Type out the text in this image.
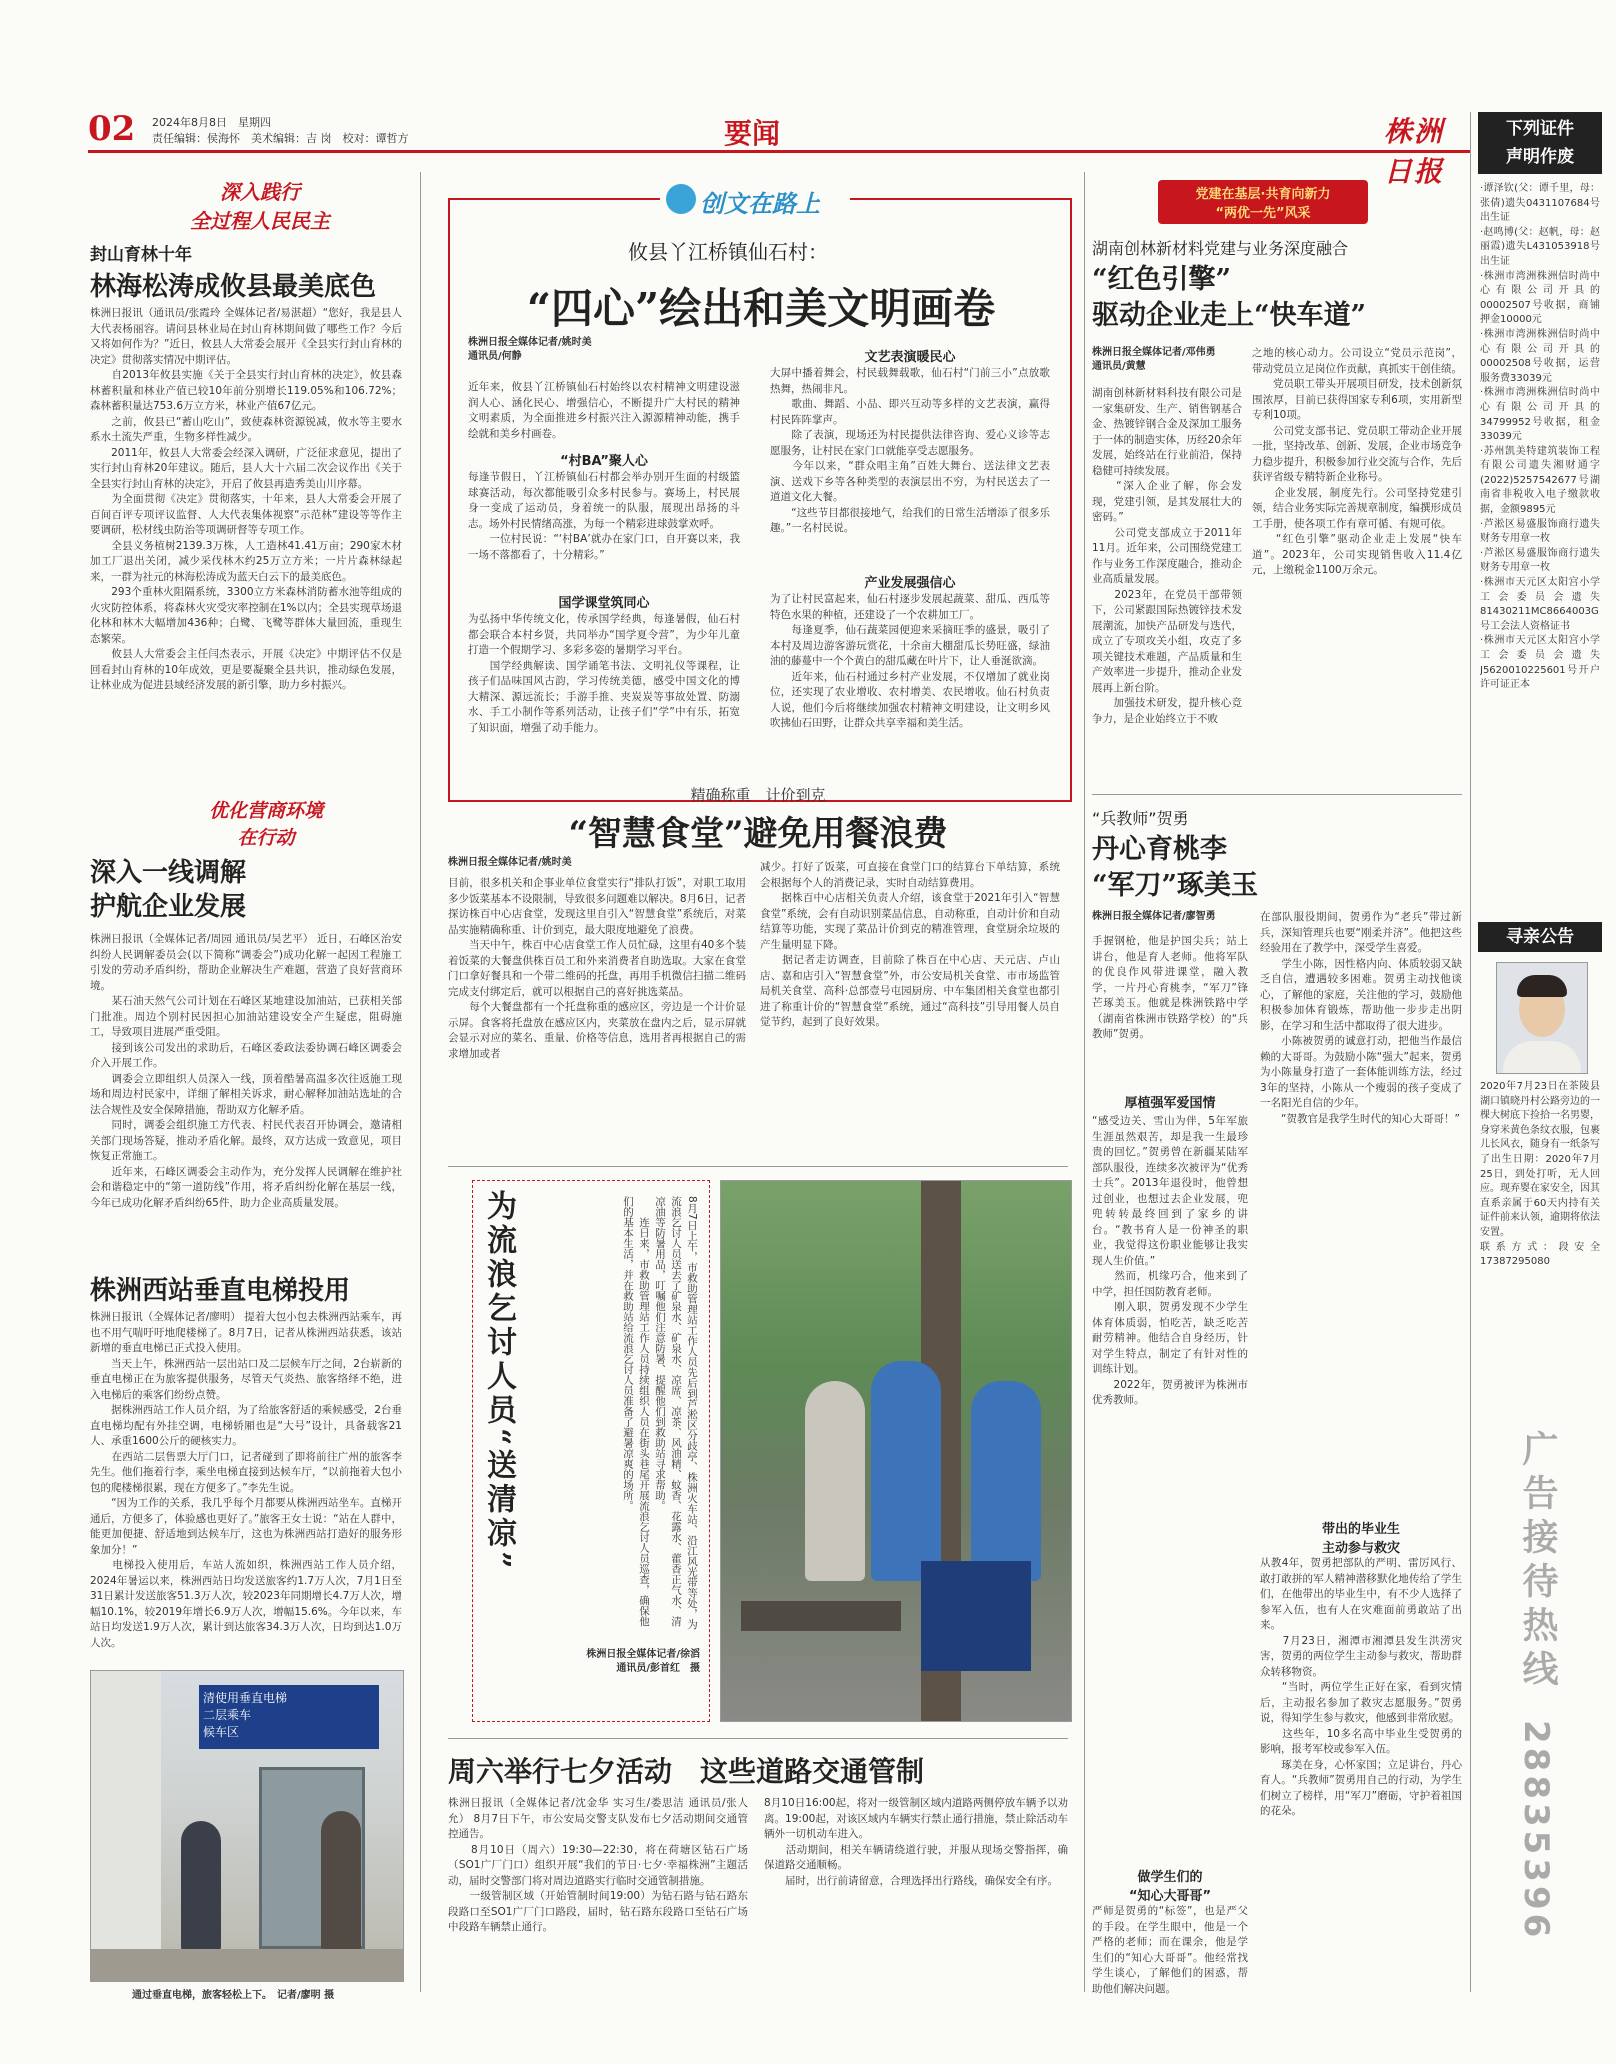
02 2024年8月8日　星期四
责任编辑：侯海怀　美术编辑：吉 岗　校对：谭哲方	要闻	株洲日报
深入践行
全过程人民民主
封山育林十年
林海松涛成攸县最美底色
株洲日报讯（通讯员/张霞玲 全媒体记者/易湛超）“您好，我是县人大代表杨丽容。请问县林业局在封山育林期间做了哪些工作？今后又将如何作为？”近日，攸县人大常委会展开《全县实行封山育林的决定》贯彻落实情况中期评估。
　　自2013年攸县实施《关于全县实行封山育林的决定》，攸县森林蓄积量和林业产值已较10年前分别增长119.05%和106.72%；森林蓄积量达753.6万立方米，林业产值67亿元。
　　之前，攸县已“蓄山吃山”，致使森林资源锐减，攸水等主要水系水土流失严重，生物多样性减少。
　　2011年，攸县人大常委会经深入调研，广泛征求意见，提出了实行封山育林20年建议。随后，县人大十六届二次会议作出《关于全县实行封山育林的决定》，开启了攸县再造秀美山川序幕。
　　为全面贯彻《决定》贯彻落实，十年来，县人大常委会开展了百间百评专项评议监督、人大代表集体视察“示范林”建设等等作主要调研，松材线虫防治等项调研督等专项工作。
　　全县义务植树2139.3万株，人工造林41.41万亩；290家木材加工厂退出关闭，减少采伐林木约25万立方米；一片片森林绿起来，一群为社元的林海松涛成为蓝天白云下的最美底色。
　　293个重林火阻隔系统，3300立方米森林消防蓄水池等组成的火灾防控体系，将森林火灾受灾率控制在1%以内；全县实现草场退化林和林木大幅增加436种；白鹭、飞鹭等群体大量回流，重现生态繁荣。
　　攸县人大常委会主任闫杰表示，开展《决定》中期评估不仅是回看封山育林的10年成效，更是要凝聚全县共识，推动绿色发展，让林业成为促进县域经济发展的新引擎，助力乡村振兴。
优化营商环境
在行动
深入一线调解
护航企业发展
株洲日报讯（全媒体记者/周园 通讯员/吴艺平） 近日，石峰区治安纠纷人民调解委员会(以下简称“调委会”)成功化解一起因工程施工引发的劳动矛盾纠纷，帮助企业解决生产难题，营造了良好营商环境。
　　某石油天然气公司计划在石峰区某地建设加油站，已获相关部门批准。周边个别村民因担心加油站建设安全产生疑虑，阻碍施工，导致项目进展严重受阻。
　　接到该公司发出的求助后，石峰区委政法委协调石峰区调委会介入开展工作。
　　调委会立即组织人员深入一线，顶着酷暑高温多次往返施工现场和周边村民家中，详细了解相关诉求，耐心解释加油站选址的合法合规性及安全保障措施，帮助双方化解矛盾。
　　同时，调委会组织施工方代表、村民代表召开协调会，邀请相关部门现场答疑，推动矛盾化解。最终，双方达成一致意见，项目恢复正常施工。
　　近年来，石峰区调委会主动作为，充分发挥人民调解在维护社会和谐稳定中的“第一道防线”作用，将矛盾纠纷化解在基层一线，今年已成功化解矛盾纠纷65件，助力企业高质量发展。
株洲西站垂直电梯投用
株洲日报讯（全媒体记者/廖明） 提着大包小包去株洲西站乘车，再也不用气喘吁吁地爬楼梯了。8月7日，记者从株洲西站获悉，该站新增的垂直电梯已正式投入使用。
　　当天上午，株洲西站一层出站口及二层候车厅之间，2台崭新的垂直电梯正在为旅客提供服务，尽管天气炎热、旅客络绎不绝，进入电梯后的乘客们纷纷点赞。
　　据株洲西站工作人员介绍，为了给旅客舒适的乘候感受，2台垂直电梯均配有外挂空调，电梯轿厢也是“大号”设计，具备载客21人、承重1600公斤的硬核实力。
　　在西站二层售票大厅门口，记者碰到了即将前往广州的旅客李先生。他们拖着行李，乘坐电梯直接到达候车厅，“以前拖着大包小包的爬楼梯很累，现在方便多了。”李先生说。
　　“因为工作的关系，我几乎每个月都要从株洲西站坐车。直梯开通后，方便多了，体验感也更好了。”旅客王女士说：“站在人群中，能更加便捷、舒适地到达候车厅，这也为株洲西站打造好的服务形象加分！”
　　电梯投入使用后，车站人流如织，株洲西站工作人员介绍，2024年暑运以来，株洲西站日均发送旅客约1.7万人次，7月1日至31日累计发送旅客51.3万人次，较2023年同期增长4.7万人次，增幅10.1%，较2019年增长6.9万人次，增幅15.6%。今年以来，车站日均发送1.9万人次，累计到达旅客34.3万人次，日均到达1.0万人次。
清使用垂直电梯
二层乘车
候车区
通过垂直电梯，旅客轻松上下。　记者/廖明 摄
创文在路上
攸县丫江桥镇仙石村：
“四心”绘出和美文明画卷
株洲日报全媒体记者/姚时美
通讯员/何静
近年来，攸县丫江桥镇仙石村始终以农村精神文明建设滋润人心、涵化民心、增强信心，不断提升广大村民的精神文明素质，为全面推进乡村振兴注入源源精神动能，携手绘就和美乡村画卷。
“村BA”聚人心
每逢节假日，丫江桥镇仙石村都会举办别开生面的村级篮球赛活动，每次都能吸引众多村民参与。赛场上，村民展身一变成了运动员，身着统一的队服，展现出昂扬的斗志。场外村民情绪高涨，为每一个精彩进球鼓掌欢呼。
　　一位村民说：“‘村BA’就办在家门口，自开赛以来，我一场不落都看了，十分精彩。”
国学课堂筑同心
为弘扬中华传统文化，传承国学经典，每逢暑假，仙石村都会联合本村乡贤，共同举办“国学夏令营”，为少年儿童打造一个假期学习、多彩多姿的暑期学习平台。
　　国学经典解读、国学诵笔书法、文明礼仪等课程，让孩子们品味国风古韵，学习传统美德，感受中国文化的博大精深、源远流长；手游手推、夹炭炭等事故处置、防溺水、手工小制作等系列活动，让孩子们“学”中有乐，拓宽了知识面，增强了动手能力。
文艺表演暖民心
大屏中播着舞会，村民载舞载歌，仙石村“门前三小”点放歌热舞，热闹非凡。
　　歌曲、舞蹈、小品、即兴互动等多样的文艺表演，赢得村民阵阵掌声。
　　除了表演，现场还为村民提供法律咨询、爱心义诊等志愿服务，让村民在家门口就能享受志愿服务。
　　今年以来，“群众唱主角”百姓大舞台、送法律文艺表演、送戏下乡等各种类型的表演层出不穷，为村民送去了一道道文化大餐。
　　“这些节目都很接地气，给我们的日常生活增添了很多乐趣。”一名村民说。
产业发展强信心
为了让村民富起来，仙石村逐步发展起蔬菜、甜瓜、西瓜等特色水果的种植，还建设了一个农耕加工厂。
　　每逢夏季，仙石蔬菜园便迎来采摘旺季的盛景，吸引了本村及周边游客游玩赏花，十余亩大棚甜瓜长势旺盛，绿油油的藤蔓中一个个黄白的甜瓜藏在叶片下，让人垂涎欲滴。
　　近年来，仙石村通过乡村产业发展，不仅增加了就业岗位，还实现了农业增收、农村增美、农民增收。仙石村负责人说，他们今后将继续加强农村精神文明建设，让文明乡风吹拂仙石田野，让群众共享幸福和美生活。
精确称重　计价到克
“智慧食堂”避免用餐浪费
株洲日报全媒体记者/姚时美
目前，很多机关和企事业单位食堂实行“排队打饭”，对职工取用多少饭菜基本不设限制，导致很多问题难以解决。8月6日，记者探访株百中心店食堂，发现这里自引入“智慧食堂”系统后，对菜品实施精确称重、计价到克，最大限度地避免了浪费。
　　当天中午，株百中心店食堂工作人员忙碌，这里有40多个装着饭菜的大餐盘供株百员工和外来消费者自助选取。大家在食堂门口拿好餐具和一个带二维码的托盘，再用手机微信扫描二维码完成支付绑定后，就可以根据自己的喜好挑选菜品。
　　每个大餐盘都有一个托盘称重的感应区，旁边是一个计价显示屏。食客将托盘放在感应区内，夹菜放在盘内之后，显示屏就会显示对应的菜名、重量、价格等信息，选用者再根据自己的需求增加或者
减少。打好了饭菜，可直接在食堂门口的结算台下单结算，系统会根据每个人的消费记录，实时自动结算费用。
　　据株百中心店相关负责人介绍，该食堂于2021年引入“智慧食堂”系统，会有自动识别菜品信息，自动称重，自动计价和自动结算等功能，实现了菜品计价到克的精准管理，食堂厨余垃圾的产生量明显下降。
　　据记者走访调查，目前除了株百在中心店、天元店、卢山店、嘉和店引入“智慧食堂”外，市公安局机关食堂、市市场监管局机关食堂、高科·总部壹号屯园厨房、中车集团相关食堂也都引进了称重计价的“智慧食堂”系统，通过“高科技”引导用餐人员自觉节约，起到了良好效果。
为流浪乞讨人员“送清凉”	8月7日上午，市救助管理站工作人员先后到芦淞区分歧亭、株洲火车站、沿江风光带等处，为流浪乞讨人员送去了矿泉水、矿泉水、凉席、凉茶、风油精、蚊香、花露水、藿香正气水、清凉油等防暑用品，叮嘱他们注意防暑、提醒他们到救助站寻求帮助。
　　连日来，市救助管理站工作人员持续组织人员在街头巷尾开展流浪乞讨人员巡查，确保他们的基本生活，并在救助站给流浪乞讨人员准备了避暑凉爽的场所。
株洲日报全媒体记者/徐滔
通讯员/彭首红　摄
周六举行七夕活动　这些道路交通管制
株洲日报讯（全媒体记者/沈金华 实习生/娄思洁 通讯员/张人允） 8月7日下午，市公安局交警支队发布七夕活动期间交通管控通告。
　　8月10日（周六）19:30—22:30，将在荷塘区钻石广场（SO1广厂门口）组织开展“我们的节日·七夕·幸福株洲”主题活动，届时交警部门将对周边道路实行临时交通管制措施。
　　一级管制区域（开始管制时间19:00）为钻石路与钻石路东段路口至SO1广厂门口路段，届时，钻石路东段路口至钻石广场中段路车辆禁止通行。
8月10日16:00起，将对一级管制区域内道路两侧停放车辆予以劝离。19:00起，对该区域内车辆实行禁止通行措施，禁止除活动车辆外一切机动车进入。
　　活动期间，相关车辆请绕道行驶，并服从现场交警指挥，确保道路交通顺畅。
　　届时，出行前请留意，合理选择出行路线，确保安全有序。
党建在基层·共育向新力
“两优一先”风采
湖南创林新材料党建与业务深度融合
“红色引擎”
驱动企业走上“快车道”
株洲日报全媒体记者/邓伟勇
通讯员/黄慧
湖南创林新材料科技有限公司是一家集研发、生产、销售钢基合金、热镀锌钢合金及深加工服务于一体的制造实体，历经20余年发展，始终站在行业前沿，保持稳健可持续发展。
　　“深入企业了解，你会发现，党建引领，是其发展壮大的密码。”
　　公司党支部成立于2011年11月。近年来，公司围绕党建工作与业务工作深度融合，推动企业高质量发展。
　　2023年，在党员干部带领下，公司紧跟国际热镀锌技术发展潮流，加快产品研发与迭代，成立了专项攻关小组，攻克了多项关键技术难题，产品质量和生产效率进一步提升，推动企业发展再上新台阶。
　　加强技术研发，提升核心竞争力，是企业始终立于不败
之地的核心动力。公司设立“党员示范岗”，带动党员立足岗位作贡献，真抓实干创佳绩。
　　党员职工带头开展项目研发，技术创新氛围浓厚，目前已获得国家专利6项，实用新型专利10项。
　　公司党支部书记、党员职工带动企业开展一批，坚持改革、创新、发展，企业市场竞争力稳步提升，积极参加行业交流与合作，先后获评省级专精特新企业称号。
　　企业发展，制度先行。公司坚持党建引领，结合业务实际完善规章制度，编撰形成员工手册，使各项工作有章可循、有规可依。
　　“红色引擎”驱动企业走上发展“快车道”。2023年，公司实现销售收入11.4亿元，上缴税金1100万余元。
“兵教师”贺勇
丹心育桃李
“军刀”琢美玉
株洲日报全媒体记者/廖智勇
手握钢枪，他是护国尖兵；站上讲台，他是育人老师。他将军队的优良作风带进课堂，融入教学，一片丹心育桃李，“军刀”锋芒琢美玉。他就是株洲铁路中学（湖南省株洲市铁路学校）的“兵教师”贺勇。
厚植强军爱国情
“感受边关、雪山为伴，5年军旅生涯虽然艰苦，却是我一生最珍贵的回忆。”贺勇曾在新疆某陆军部队服役，连续多次被评为“优秀士兵”。2013年退役时，他曾想过创业，也想过去企业发展，兜兜转转最终回到了家乡的讲台。“教书育人是一份神圣的职业，我觉得这份职业能够让我实现人生价值。”
　　然而，机缘巧合，他来到了中学，担任国防教育老师。
　　刚入职，贺勇发现不少学生体育体质弱，怕吃苦，缺乏吃苦耐劳精神。他结合自身经历，针对学生特点，制定了有针对性的训练计划。
　　2022年，贺勇被评为株洲市优秀教师。
做学生们的
“知心大哥哥”
严师是贺勇的“标签”，也是严父的手段。在学生眼中，他是一个严格的老师；而在课余，他是学生们的“知心大哥哥”。他经常找学生谈心，了解他们的困惑，帮助他们解决问题。
在部队服役期间，贺勇作为“老兵”带过新兵，深知管理兵也要“刚柔并济”。他把这些经验用在了教学中，深受学生喜爱。
　　学生小陈，因性格内向、体质较弱又缺乏自信，遭遇较多困难。贺勇主动找他谈心，了解他的家庭，关注他的学习，鼓励他积极参加体育锻炼，帮助他一步步走出阴影，在学习和生活中都取得了很大进步。
　　小陈被贺勇的诚意打动，把他当作最信赖的大哥哥。为鼓励小陈“强大”起来，贺勇为小陈量身打造了一套体能训练方法，经过3年的坚持，小陈从一个瘦弱的孩子变成了一名阳光自信的少年。
　　“贺教官是我学生时代的知心大哥哥！”
带出的毕业生
主动参与救灾
从教4年，贺勇把部队的严明、雷厉风行、敢打敢拼的军人精神潜移默化地传给了学生们，在他带出的毕业生中，有不少人选择了参军入伍，也有人在灾难面前勇敢站了出来。
　　7月23日，湘潭市湘潭县发生洪涝灾害，贺勇的两位学生主动参与救灾，帮助群众转移物资。
　　“当时，两位学生正好在家，看到灾情后，主动报名参加了救灾志愿服务。”贺勇说，得知学生参与救灾，他感到非常欣慰。
　　这些年，10多名高中毕业生受贺勇的影响，报考军校或参军入伍。
　　琢美在身，心怀家国；立足讲台，丹心育人。“兵教师”贺勇用自己的行动，为学生们树立了榜样，用“军刀”磨砺，守护着祖国的花朵。
下列证件
声明作废
·谭泽钦(父：谭千里，母：张倩)遗失0431107684号出生证
·赵鸣博(父：赵帆，母：赵丽霞)遗失L431053918号出生证
·株洲市湾洲株洲信时尚中心有限公司开具的00002507号收据，商铺押金10000元
·株洲市湾洲株洲信时尚中心有限公司开具的00002508号收据，运营服务费33039元
·株洲市湾洲株洲信时尚中心有限公司开具的34799952号收据，租金33039元
·苏州凯美特建筑装饰工程有限公司遗失湘财通字(2022)5257542677号湖南省非税收入电子缴款收据，金额9895元
·芦淞区易盛服饰商行遗失财务专用章一枚
·芦淞区易盛服饰商行遗失财务专用章一枚
·株洲市天元区太阳宫小学工会委员会遗失81430211MC8664003G号工会法人资格证书
·株洲市天元区太阳宫小学工会委员会遗失J5620010225601号开户许可证正本
寻亲公告
2020年7月23日在茶陵县湖口镇晓丹村公路旁边的一棵大树底下捡拾一名男婴，身穿米黄色条纹衣服，包裹儿长风衣，随身有一纸条写了出生日期：2020年7月25日，到处打听，无人回应。现弃婴在家安全，因其直系亲属于60天内持有关证件前来认领，逾期将依法安置。
联系方式：段安全17387295080
广告接待热线
28835396
